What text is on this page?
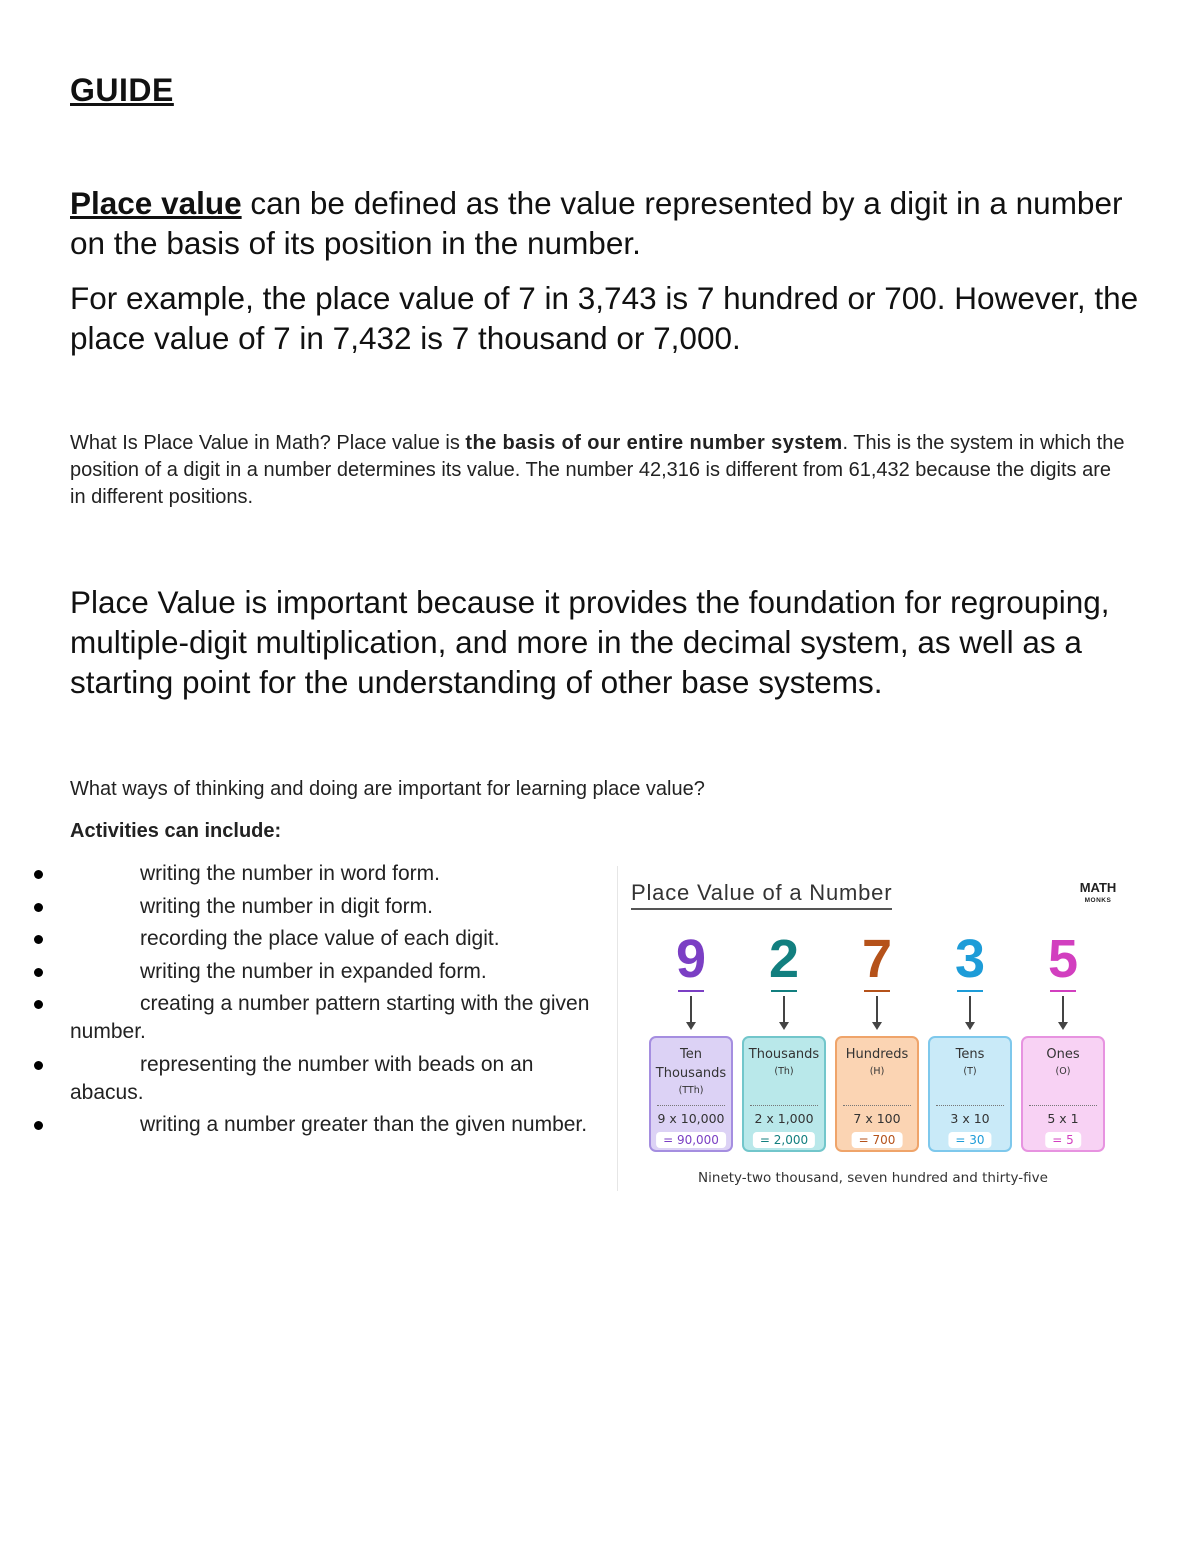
GUIDE

Place value can be defined as the value represented by a digit in a number on the basis of its position in the number.

For example, the place value of 7 in 3,743 is 7 hundred or 700. However, the place value of 7 in 7,432 is 7 thousand or 7,000.

What Is Place Value in Math? Place value is the basis of our entire number system. This is the system in which the position of a digit in a number determines its value. The number 42,316 is different from 61,432 because the digits are in different positions.

Place Value is important because it provides the foundation for regrouping, multiple-digit multiplication, and more in the decimal system, as well as a starting point for the understanding of other base systems.

What ways of thinking and doing are important for learning place value?

Activities can include:

writing the number in word form.
writing the number in digit form.
recording the place value of each digit.
writing the number in expanded form.
creating a number pattern starting with the given number.
representing the number with beads on an abacus.
writing a number greater than the given number.
Place Value of a Number	MATH
MONKS
9
Ten Thousands
(TTh)
9 x 10,000
= 90,000
2
Thousands
(Th)
2 x 1,000
= 2,000
7
Hundreds
(H)
7 x 100
= 700
3
Tens
(T)
3 x 10
= 30
5
Ones
(O)
5 x 1
= 5
Ninety-two thousand, seven hundred and thirty-five
